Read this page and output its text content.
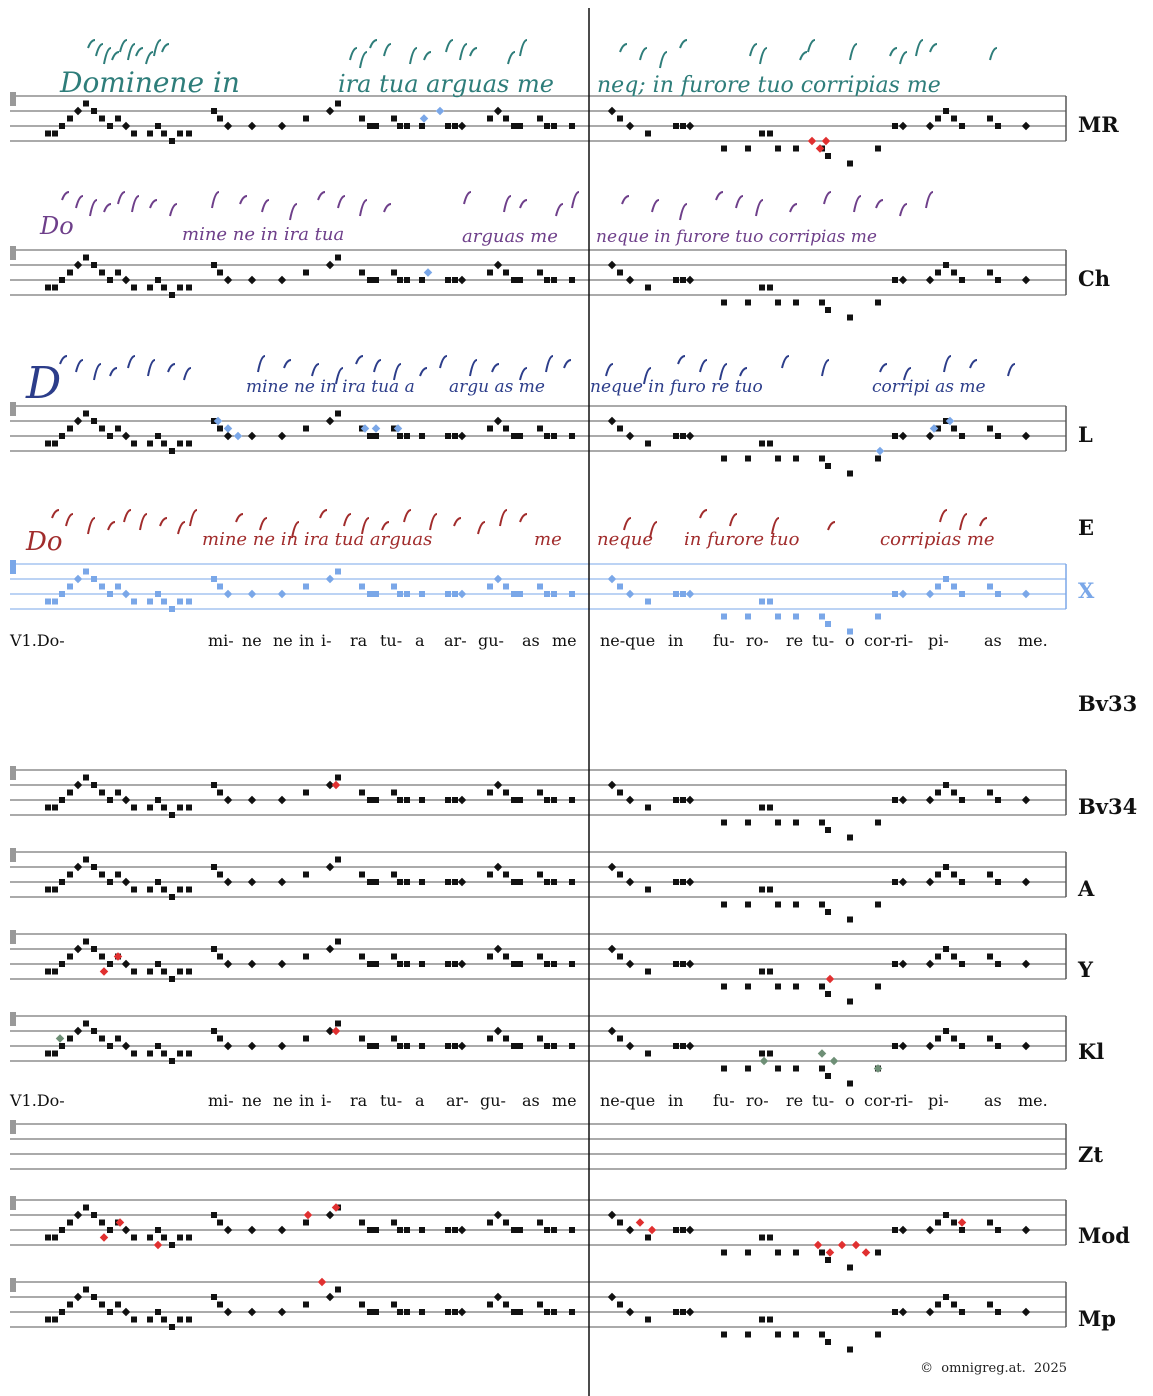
Dominene in	ira tua arguas me neq; in furore tuo corripias me
Do	mine ne in ira tua	arguas me neque in furore tuo corripias me
D	mine ne in ira tua a argu as me	neque in furo re tuo	corripi as me
Do	mine ne in ira tua arguas	me neque in furore tuo	corripias me
MR
Ch
L
E
X
Bv33
Bv34
A
Y
Kl
Zt
Mod
Mp
V1.Do-	mi- ne ne in i- ra tu- a ar- gu- as me ne-que in fu- ro- re tu- o cor- ri- pi- as me.
V1.Do-	mi- ne ne in i- ra tu- a ar- gu- as me ne-que in fu- ro- re tu- o cor- ri- pi- as me.
© omnigreg.at. 2025
